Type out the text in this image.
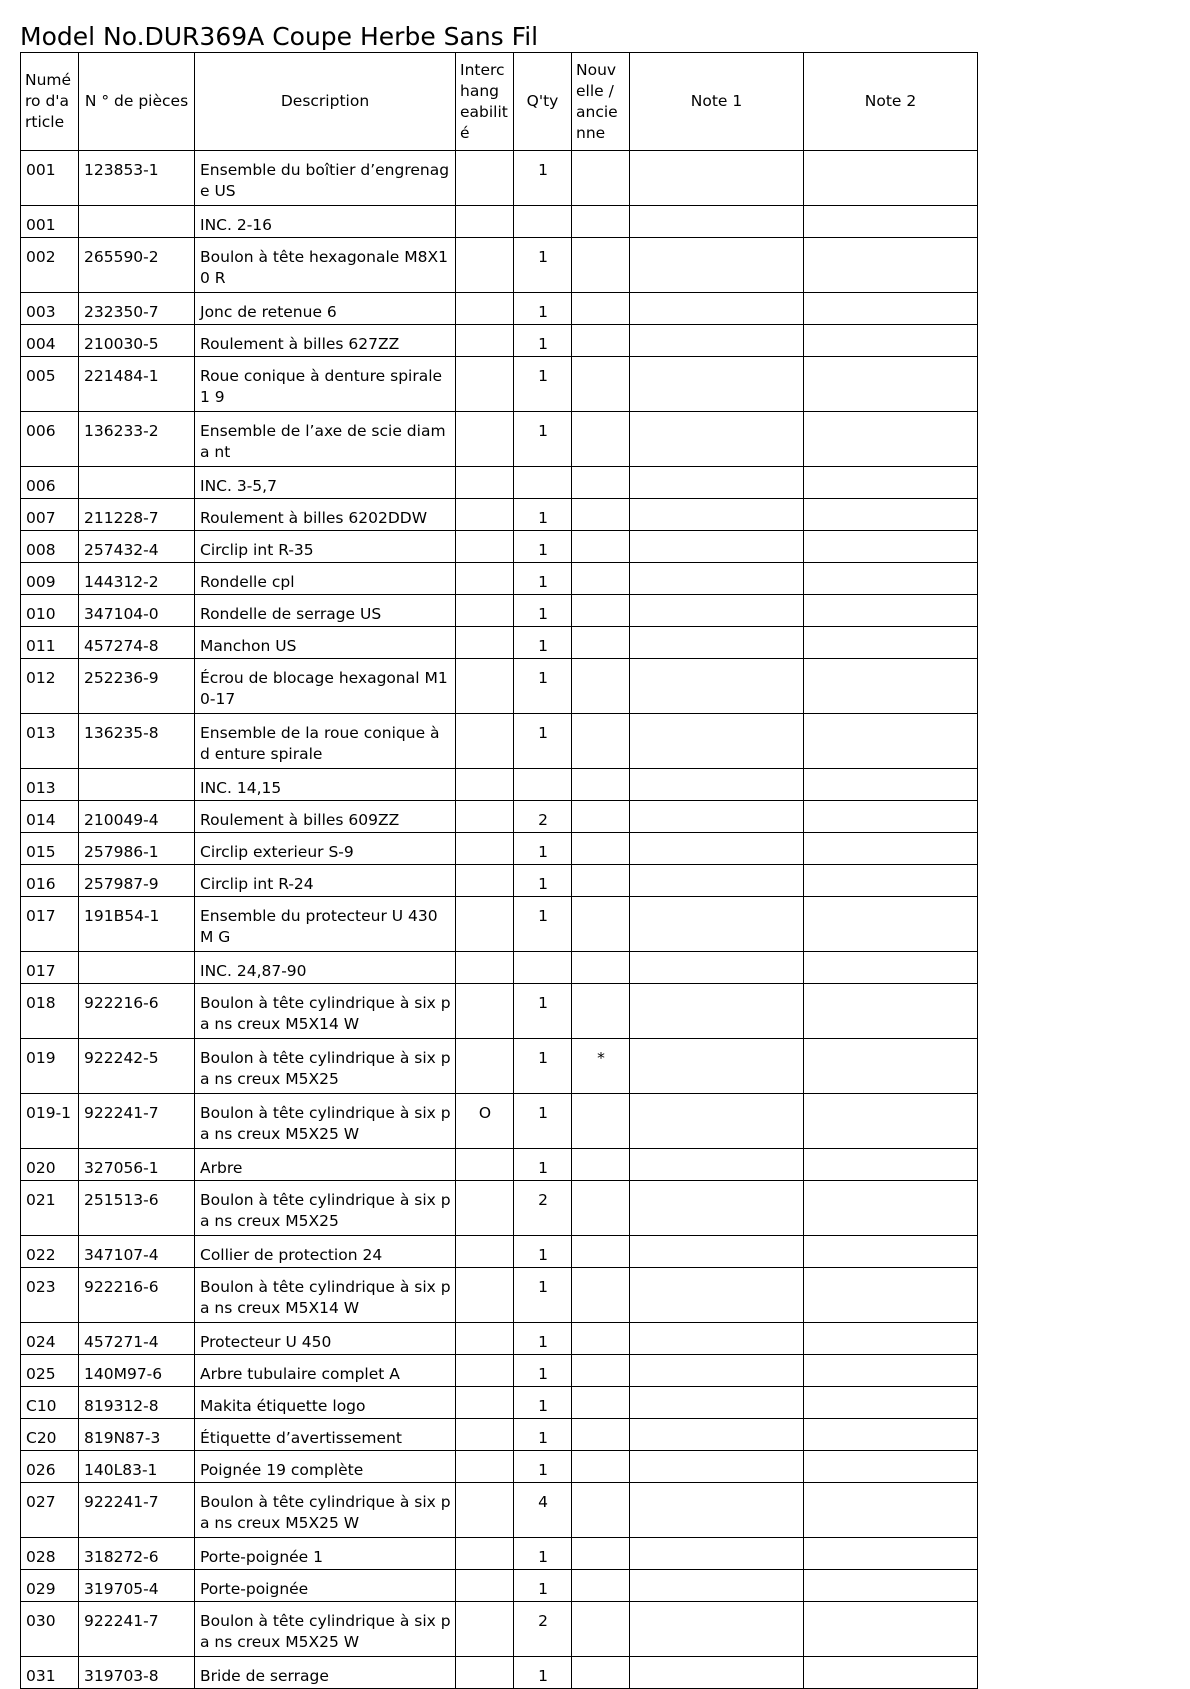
Model No.DUR369A Coupe Herbe Sans Fil
Numé ro d'a rticle	N ° de pièces	Description	Interc hang eabilit é	Q'ty	Nouv elle / ancie nne	Note 1	Note 2
001	123853-1	Ensemble du boîtier d’engrenag e US		1			
001		INC. 2-16					
002	265590-2	Boulon à tête hexagonale M8X10 R		1			
003	232350-7	Jonc de retenue 6		1			
004	210030-5	Roulement à billes 627ZZ		1			
005	221484-1	Roue conique à denture spirale 1 9		1			
006	136233-2	Ensemble de l’axe de scie diama nt		1			
006		INC. 3-5,7					
007	211228-7	Roulement à billes 6202DDW		1			
008	257432-4	Circlip int R-35		1			
009	144312-2	Rondelle cpl		1			
010	347104-0	Rondelle de serrage US		1			
011	457274-8	Manchon US		1			
012	252236-9	Écrou de blocage hexagonal M1 0-17		1			
013	136235-8	Ensemble de la roue conique à d enture spirale		1			
013		INC. 14,15					
014	210049-4	Roulement à billes 609ZZ		2			
015	257986-1	Circlip exterieur S-9		1			
016	257987-9	Circlip int R-24		1			
017	191B54-1	Ensemble du protecteur U 430 M G		1			
017		INC. 24,87-90					
018	922216-6	Boulon à tête cylindrique à six pa ns creux M5X14 W		1			
019	922242-5	Boulon à tête cylindrique à six pa ns creux M5X25		1	*		
019-1	922241-7	Boulon à tête cylindrique à six pa ns creux M5X25 W	O	1			
020	327056-1	Arbre		1			
021	251513-6	Boulon à tête cylindrique à six pa ns creux M5X25		2			
022	347107-4	Collier de protection 24		1			
023	922216-6	Boulon à tête cylindrique à six pa ns creux M5X14 W		1			
024	457271-4	Protecteur U 450		1			
025	140M97-6	Arbre tubulaire complet A		1			
C10	819312-8	Makita étiquette logo		1			
C20	819N87-3	Étiquette d’avertissement		1			
026	140L83-1	Poignée 19 complète		1			
027	922241-7	Boulon à tête cylindrique à six pa ns creux M5X25 W		4			
028	318272-6	Porte-poignée 1		1			
029	319705-4	Porte-poignée		1			
030	922241-7	Boulon à tête cylindrique à six pa ns creux M5X25 W		2			
031	319703-8	Bride de serrage		1			
